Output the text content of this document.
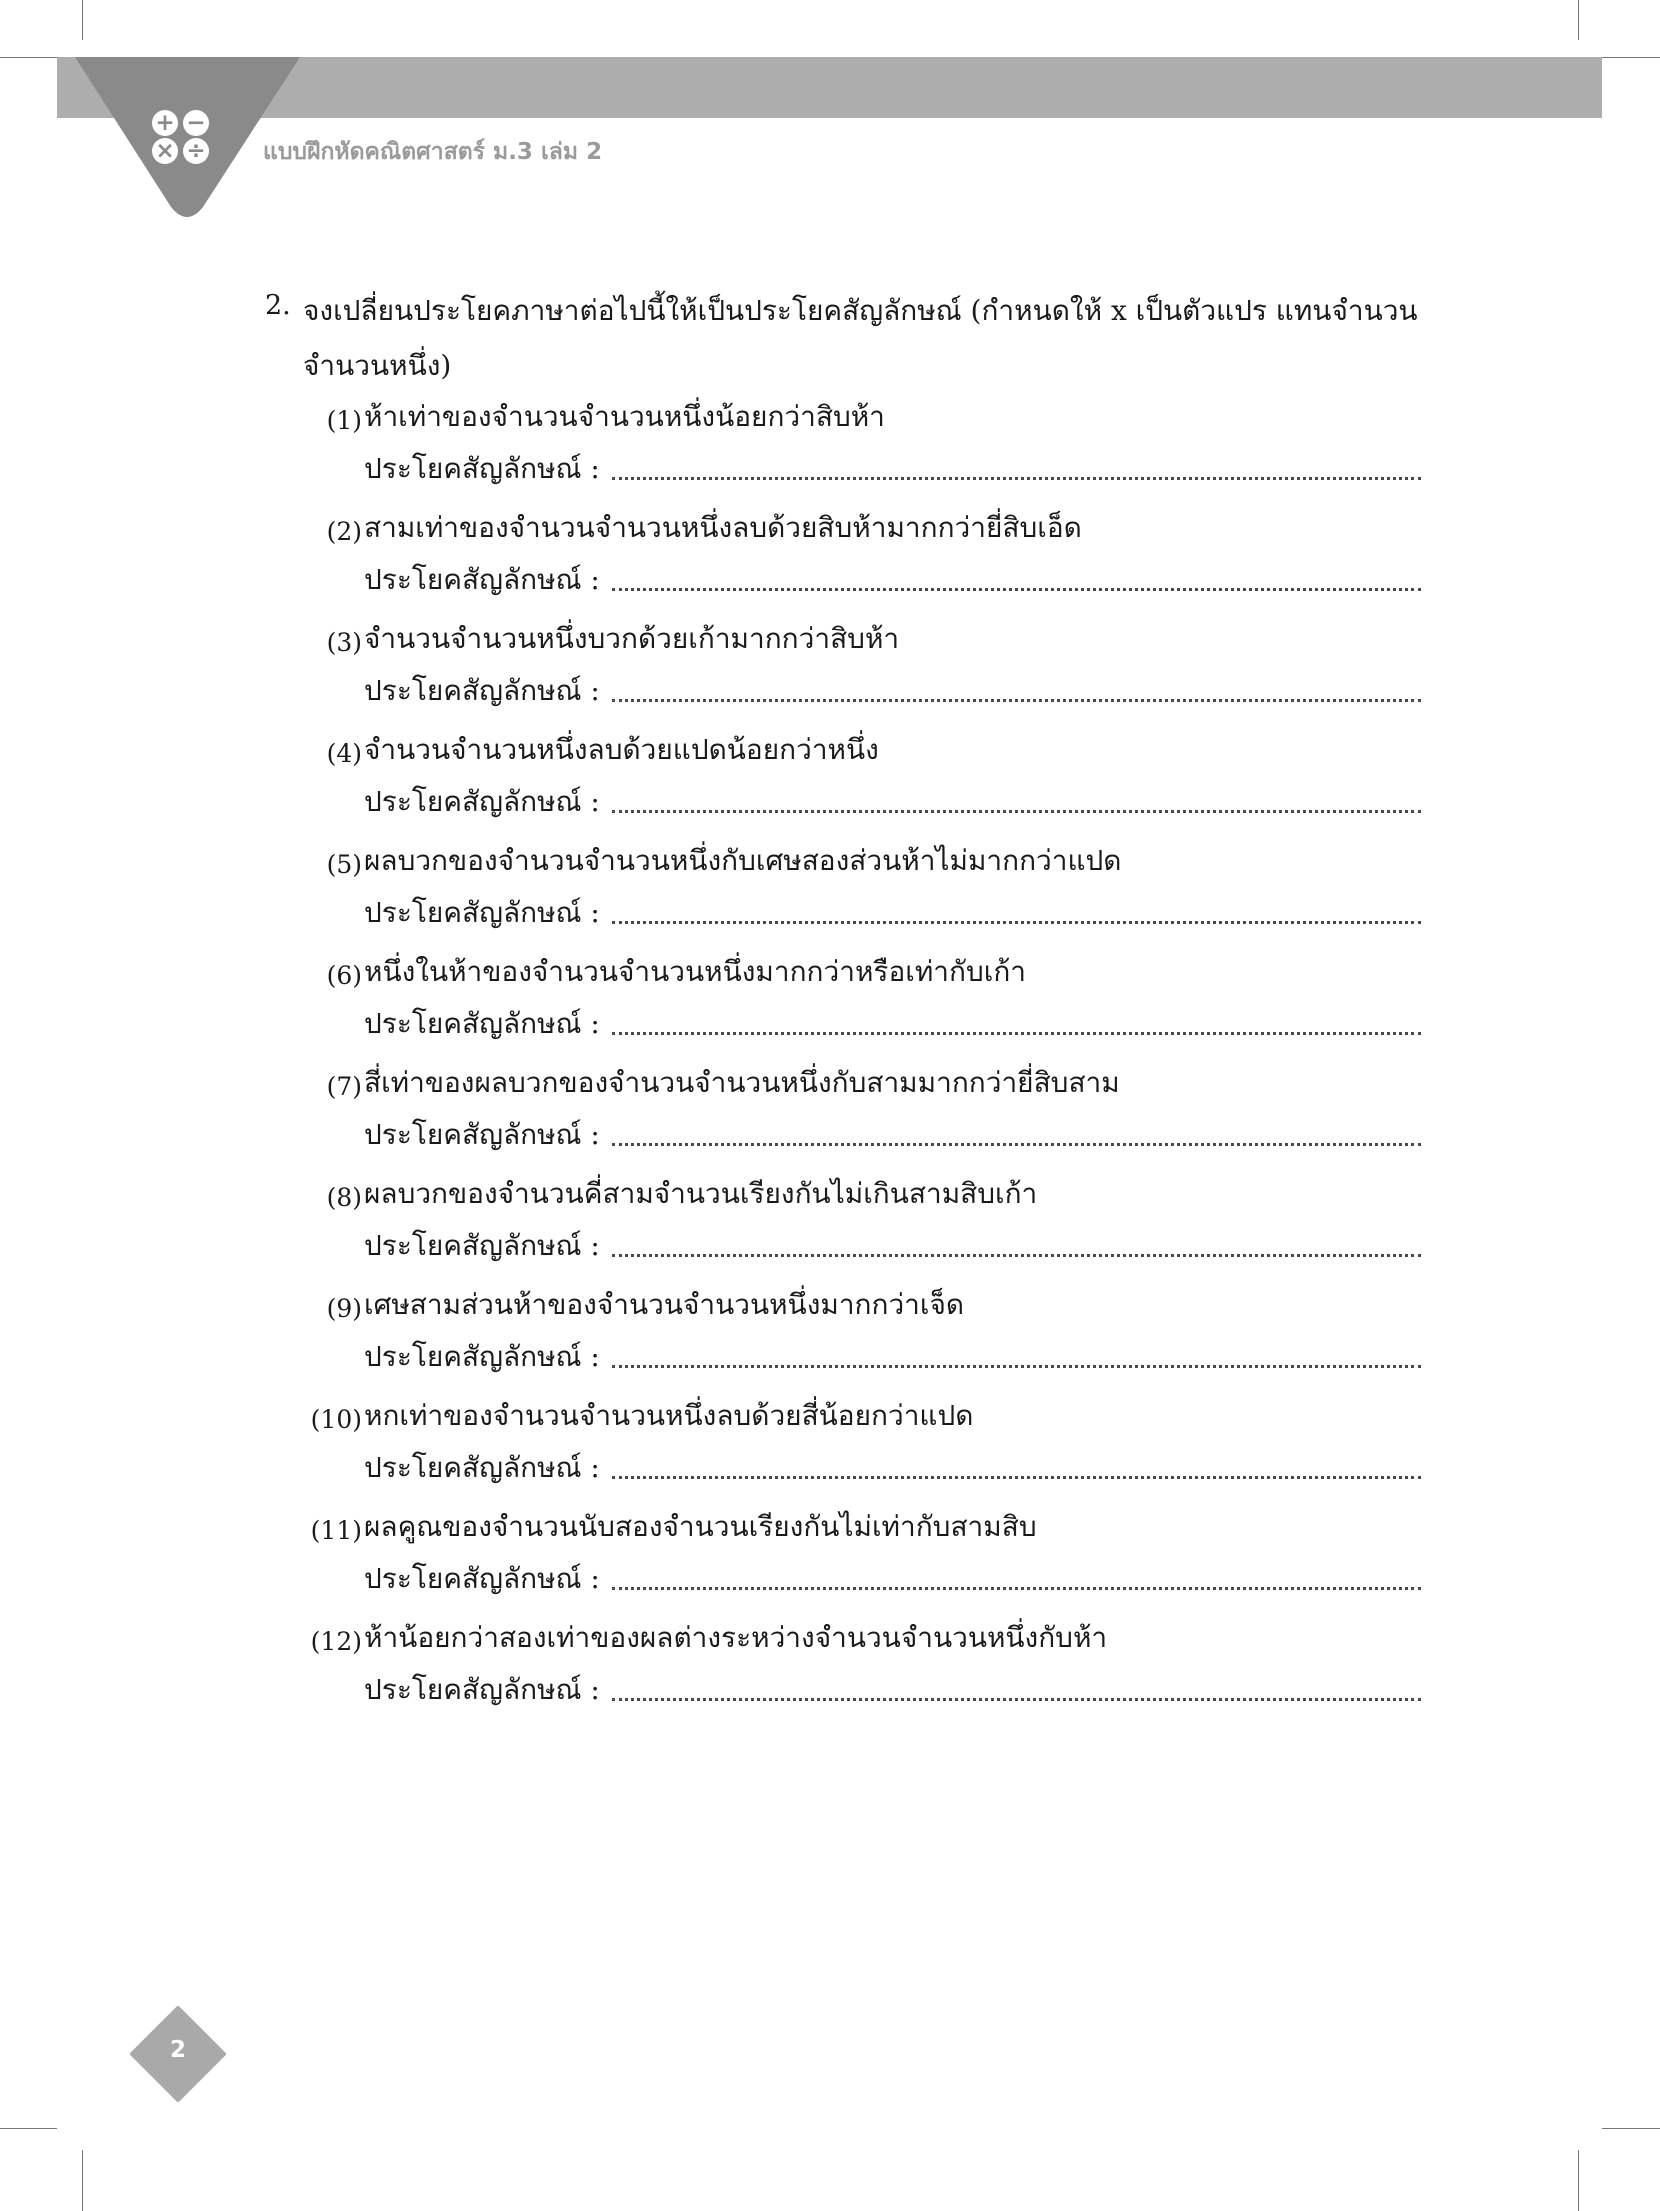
+ −
× ÷ แบบฝึกหัดคณิตศาสตร์ ม.3 เล่ม 2
2. จงเปลี่ยนประโยคภาษาต่อไปนี้ให้เป็นประโยคสัญลักษณ์ (กำหนดให้ x เป็นตัวแปร แทนจำนวนจำนวนหนึ่ง)
(1) ห้าเท่าของจำนวนจำนวนหนึ่งน้อยกว่าสิบห้า
ประโยคสัญลักษณ์ :
(2) สามเท่าของจำนวนจำนวนหนึ่งลบด้วยสิบห้ามากกว่ายี่สิบเอ็ด
ประโยคสัญลักษณ์ :
(3) จำนวนจำนวนหนึ่งบวกด้วยเก้ามากกว่าสิบห้า
ประโยคสัญลักษณ์ :
(4) จำนวนจำนวนหนึ่งลบด้วยแปดน้อยกว่าหนึ่ง
ประโยคสัญลักษณ์ :
(5) ผลบวกของจำนวนจำนวนหนึ่งกับเศษสองส่วนห้าไม่มากกว่าแปด
ประโยคสัญลักษณ์ :
(6) หนึ่งในห้าของจำนวนจำนวนหนึ่งมากกว่าหรือเท่ากับเก้า
ประโยคสัญลักษณ์ :
(7) สี่เท่าของผลบวกของจำนวนจำนวนหนึ่งกับสามมากกว่ายี่สิบสาม
ประโยคสัญลักษณ์ :
(8) ผลบวกของจำนวนคี่สามจำนวนเรียงกันไม่เกินสามสิบเก้า
ประโยคสัญลักษณ์ :
(9) เศษสามส่วนห้าของจำนวนจำนวนหนึ่งมากกว่าเจ็ด
ประโยคสัญลักษณ์ :
(10) หกเท่าของจำนวนจำนวนหนึ่งลบด้วยสี่น้อยกว่าแปด
ประโยคสัญลักษณ์ :
(11) ผลคูณของจำนวนนับสองจำนวนเรียงกันไม่เท่ากับสามสิบ
ประโยคสัญลักษณ์ :
(12) ห้าน้อยกว่าสองเท่าของผลต่างระหว่างจำนวนจำนวนหนึ่งกับห้า
ประโยคสัญลักษณ์ :
2
